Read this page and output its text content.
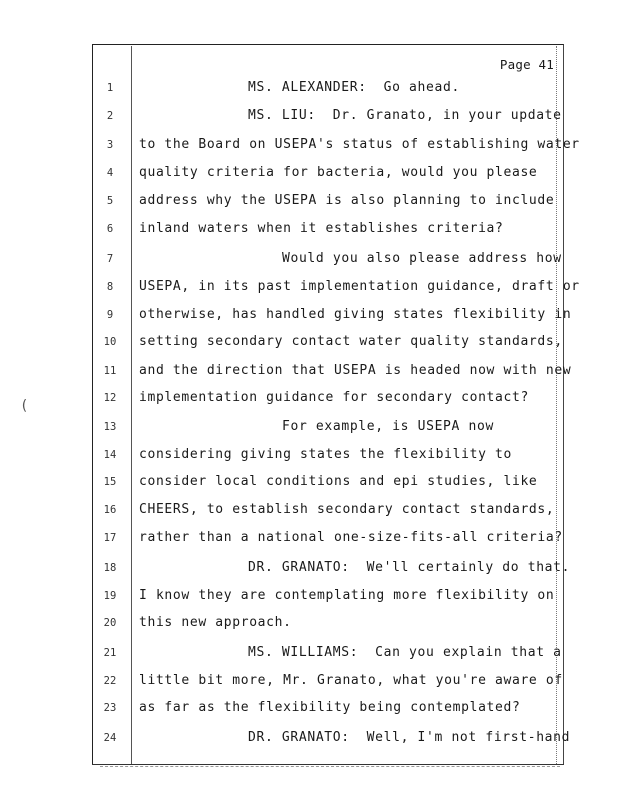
(
Page 41
1	MS. ALEXANDER:  Go ahead.
2	MS. LIU:  Dr. Granato, in your update
3	to the Board on USEPA's status of establishing water
4	quality criteria for bacteria, would you please
5	address why the USEPA is also planning to include
6	inland waters when it establishes criteria?
7	Would you also please address how
8	USEPA, in its past implementation guidance, draft or
9	otherwise, has handled giving states flexibility in
10	setting secondary contact water quality standards,
11	and the direction that USEPA is headed now with new
12	implementation guidance for secondary contact?
13	For example, is USEPA now
14	considering giving states the flexibility to
15	consider local conditions and epi studies, like
16	CHEERS, to establish secondary contact standards,
17	rather than a national one-size-fits-all criteria?
18	DR. GRANATO:  We'll certainly do that.
19	I know they are contemplating more flexibility on
20	this new approach.
21	MS. WILLIAMS:  Can you explain that a
22	little bit more, Mr. Granato, what you're aware of
23	as far as the flexibility being contemplated?
24	DR. GRANATO:  Well, I'm not first-hand
